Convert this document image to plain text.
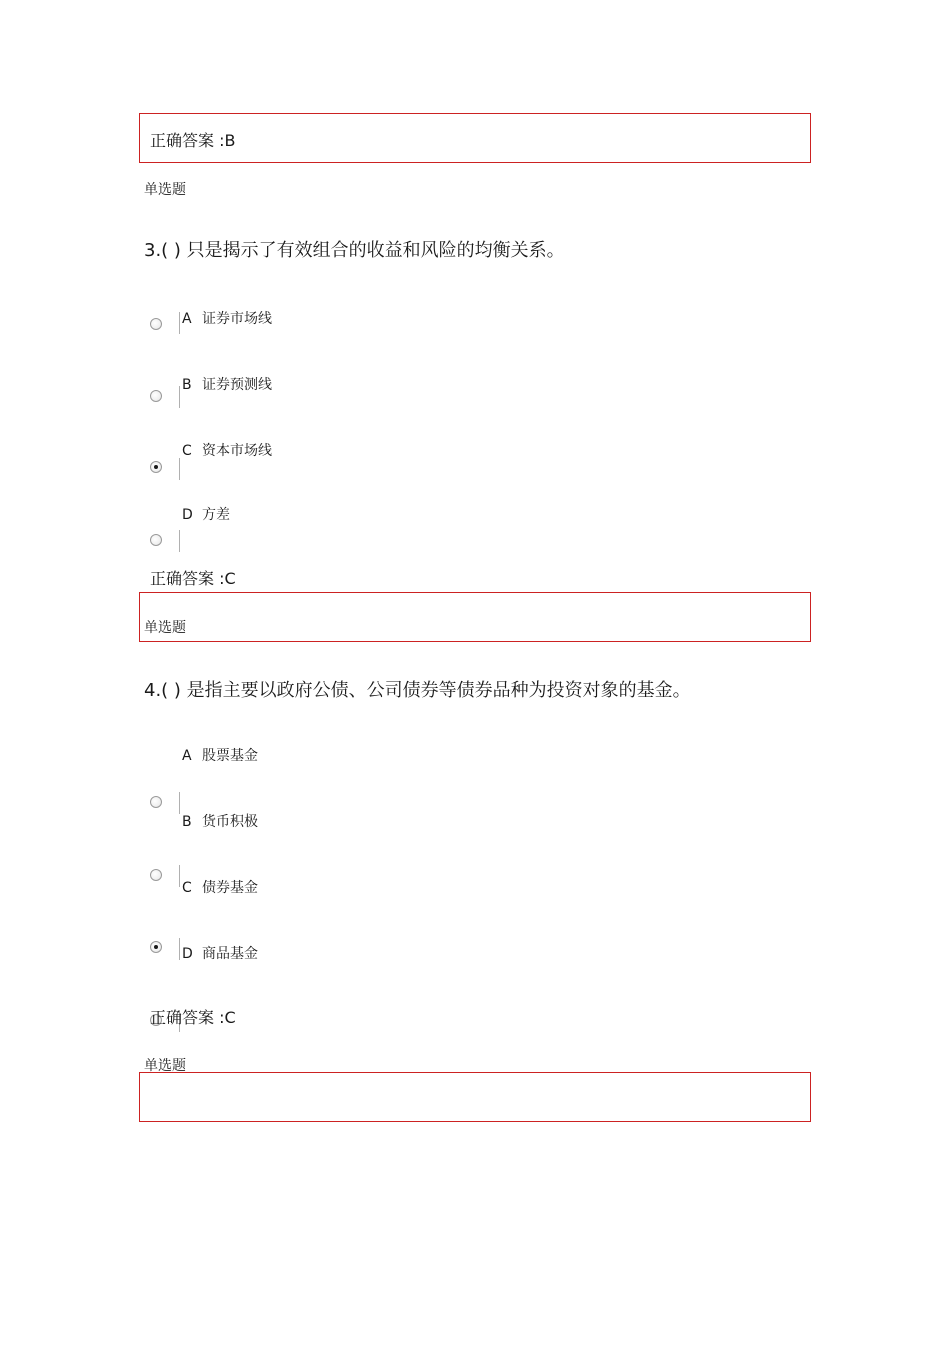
正确答案 :B
单选题
3.( ) 只是揭示了有效组合的收益和风险的均衡关系。
A 证券市场线
B 证券预测线
C 资本市场线
D 方差
正确答案 :C
单选题
4.( ) 是指主要以政府公债、公司债券等债券品种为投资对象的基金。
A 股票基金
B 货币积极
C 债券基金
D 商品基金
正确答案 :C
单选题
